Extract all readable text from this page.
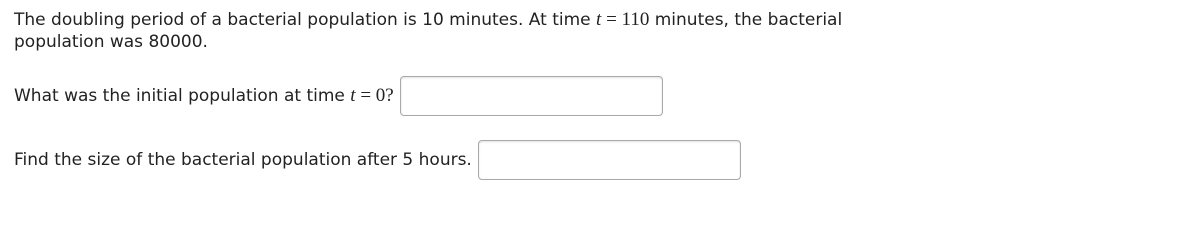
The doubling period of a bacterial population is 10 minutes. At time t = 110 minutes, the bacterial
population was 80000.
What was the initial population at time t = 0?
Find the size of the bacterial population after 5 hours.
